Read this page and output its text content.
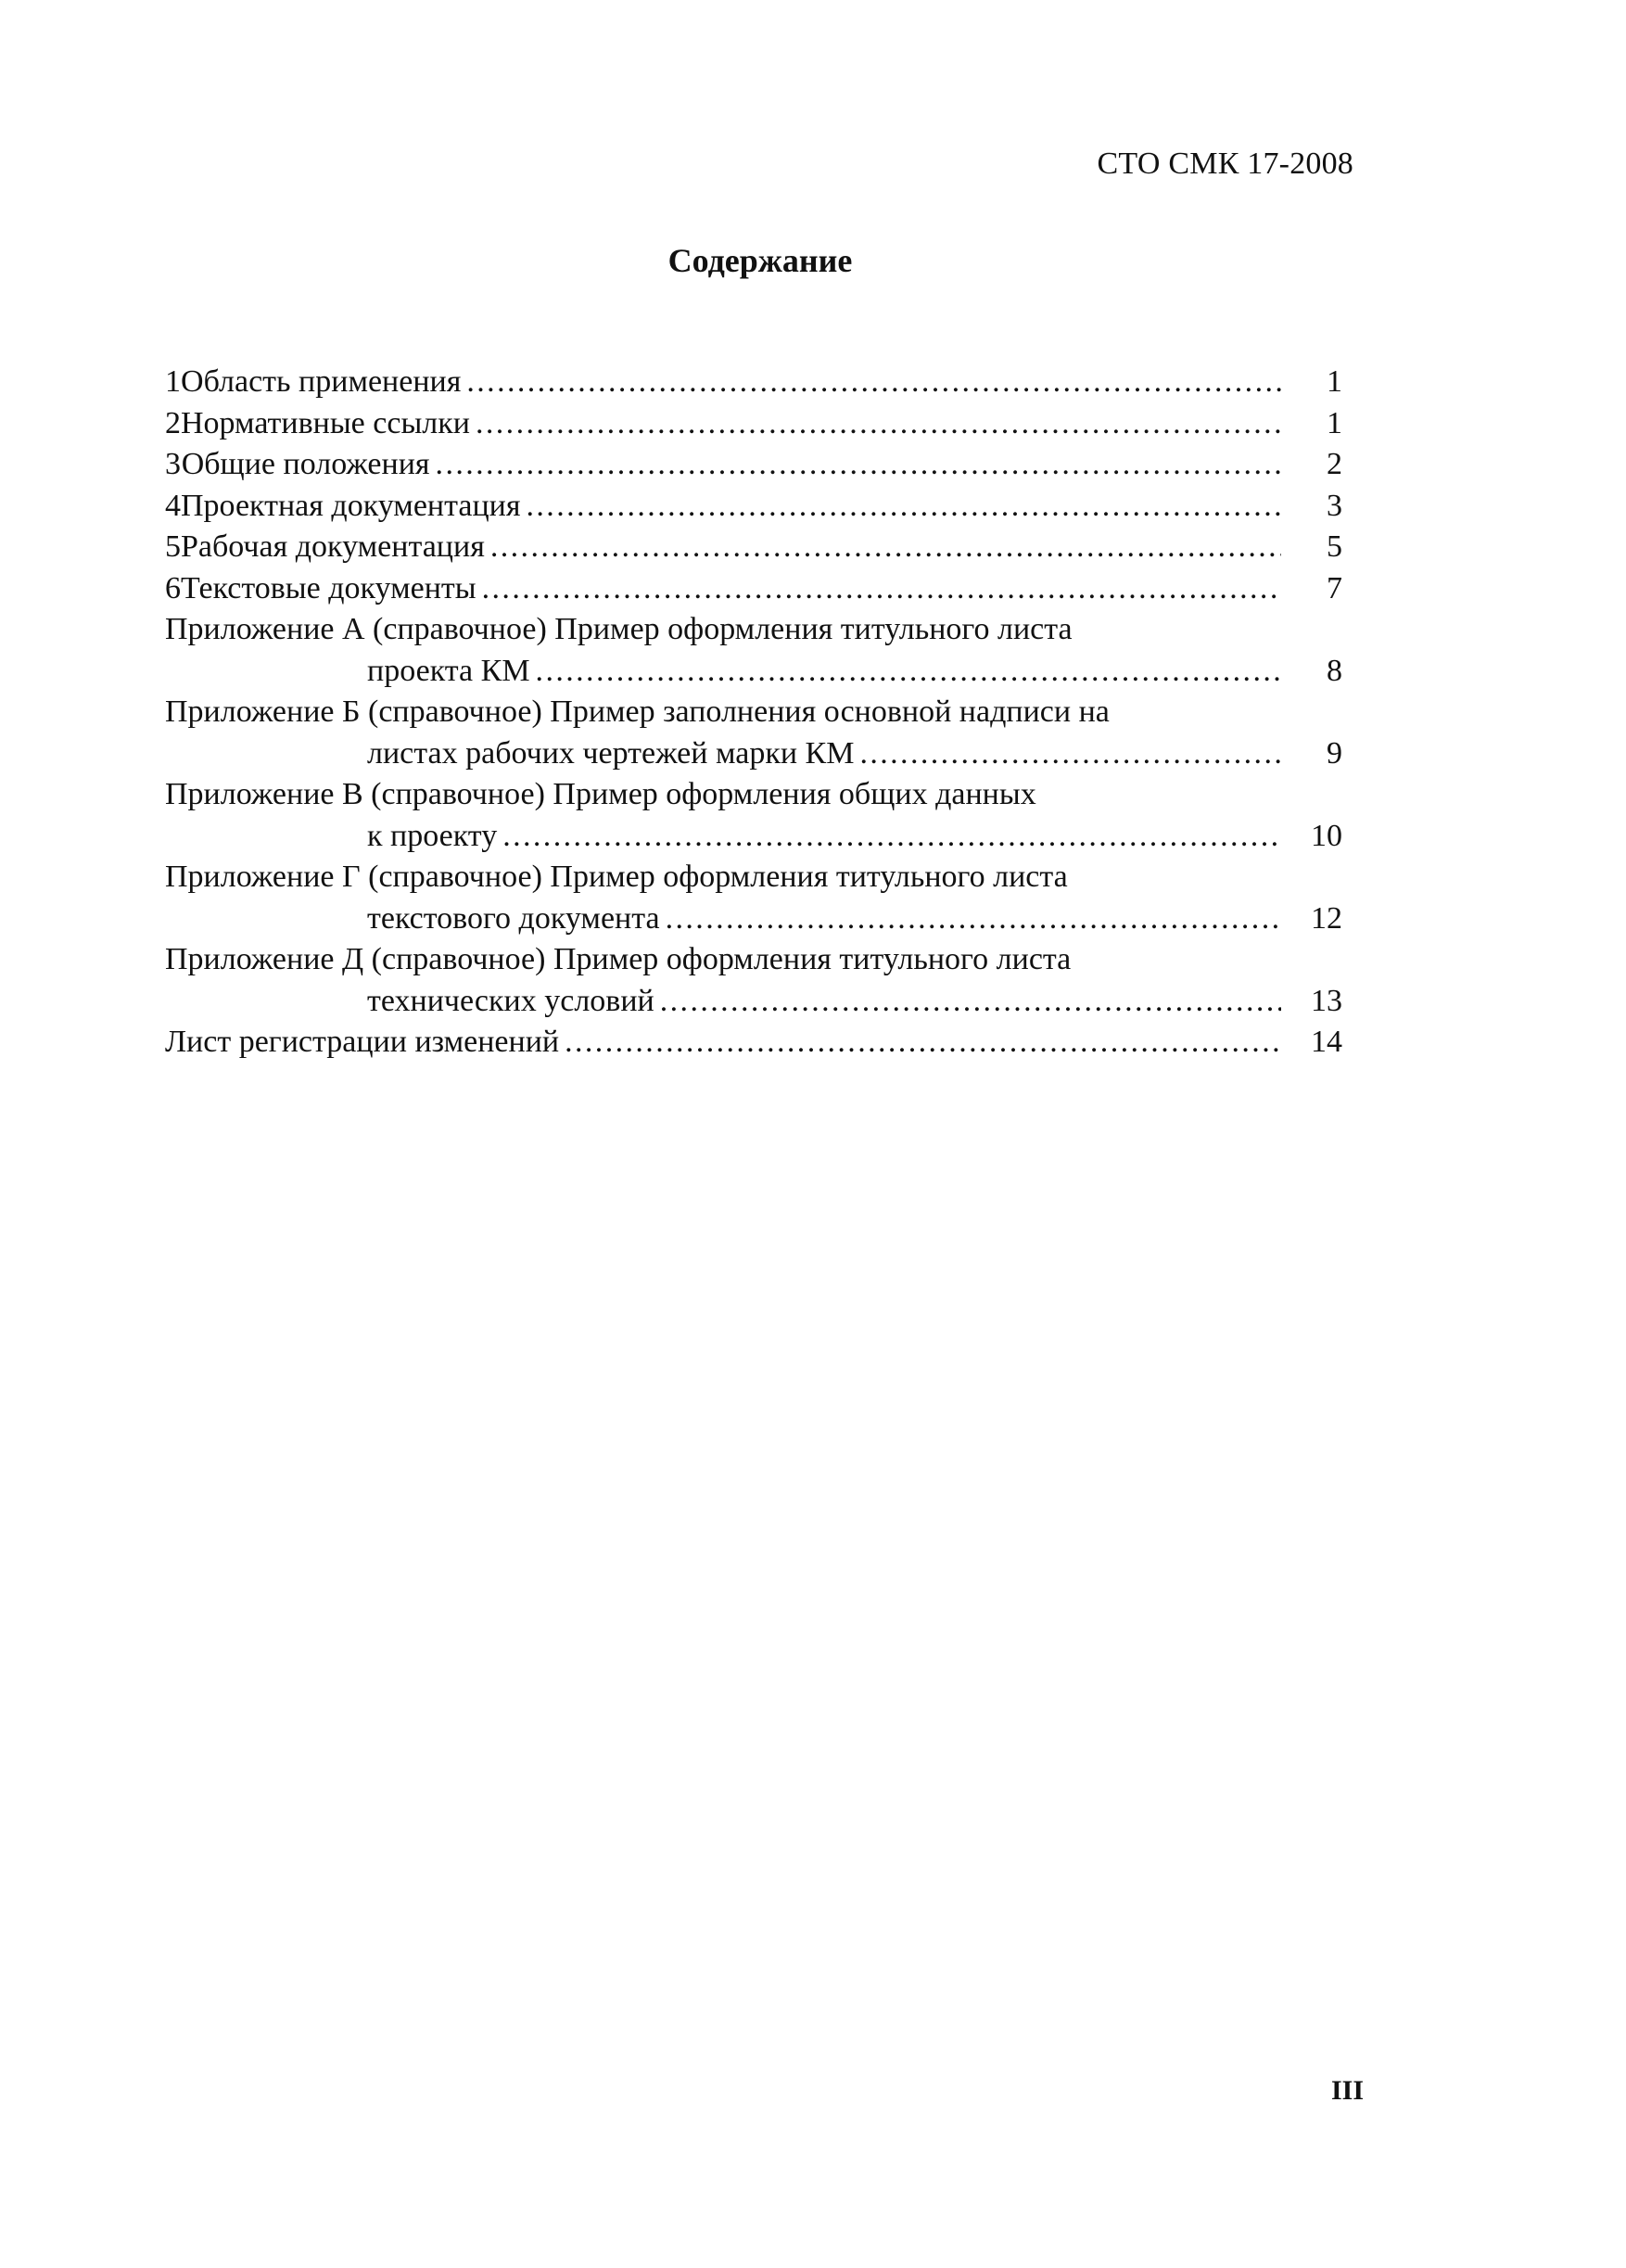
СТО СМК 17-2008
Содержание
1 Область применения .....	1
2 Нормативные ссылки .....	1
3 Общие положения .....	2
4 Проектная документация .....	3
5 Рабочая документация .....	5
6 Текстовые документы .....	7
Приложение А (справочное) Пример оформления титульного листа
проекта КМ .....	8
Приложение Б (справочное) Пример заполнения основной надписи на
листах рабочих чертежей марки КМ .....	9
Приложение В (справочное) Пример оформления общих данных
к проекту .....	10
Приложение Г (справочное) Пример оформления титульного листа
текстового документа .....	12
Приложение Д (справочное) Пример оформления титульного листа
технических условий .....	13
Лист регистрации изменений .....	14
III
